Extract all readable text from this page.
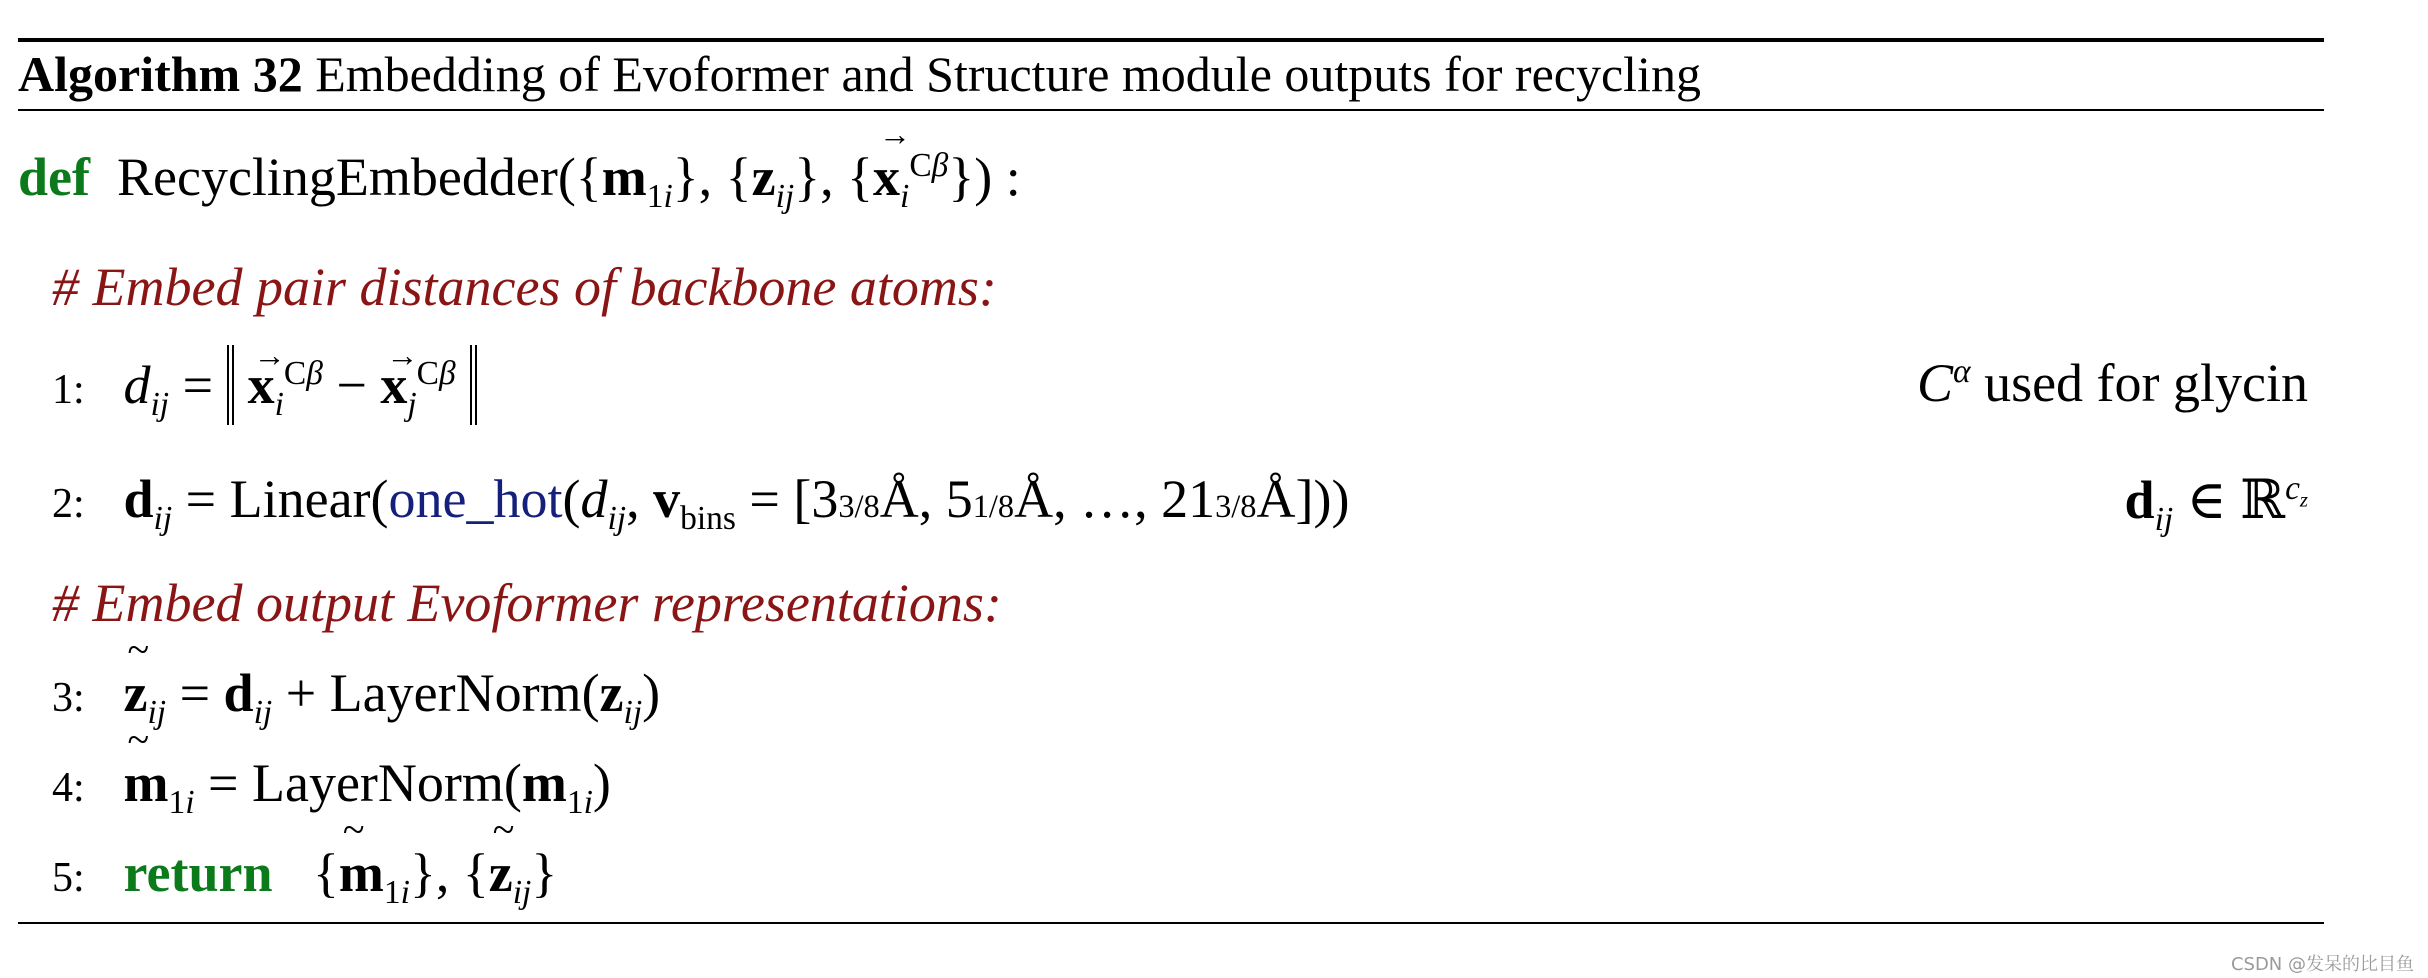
Algorithm 32 Embedding of Evoformer and Structure module outputs for recycling
def $RecyclingEmbedder(\{m_{1i}\}$, $\{z_{ij}\}$, {→ $x_i^{C\beta}$}) :
# Embed pair distances of backbone atoms:
1: $d_{ij}$ = → $x_i^{C\beta}$ − → $x_j^{C\beta}$	$C^\alpha$ used for glycin
2: $d_{ij}$ = $Linear(one\_hot(d_{ij}$, $v_{bins}$ = [33/8Å, 51/8Å, …, 213/8Å]))	$d_{ij}$ ∈ ℝ$^{c_z}$
# Embed output Evoformer representations:
3: ~ $z_{ij} = d_{ij}$ + $LayerNorm(z_{ij})$
4: ~ $m_{1i}$ = $LayerNorm(m_{1i})$
5: return   {~ $m_{1i}$}, {~ $z_{ij}$}
CSDN @发呆的比目鱼
